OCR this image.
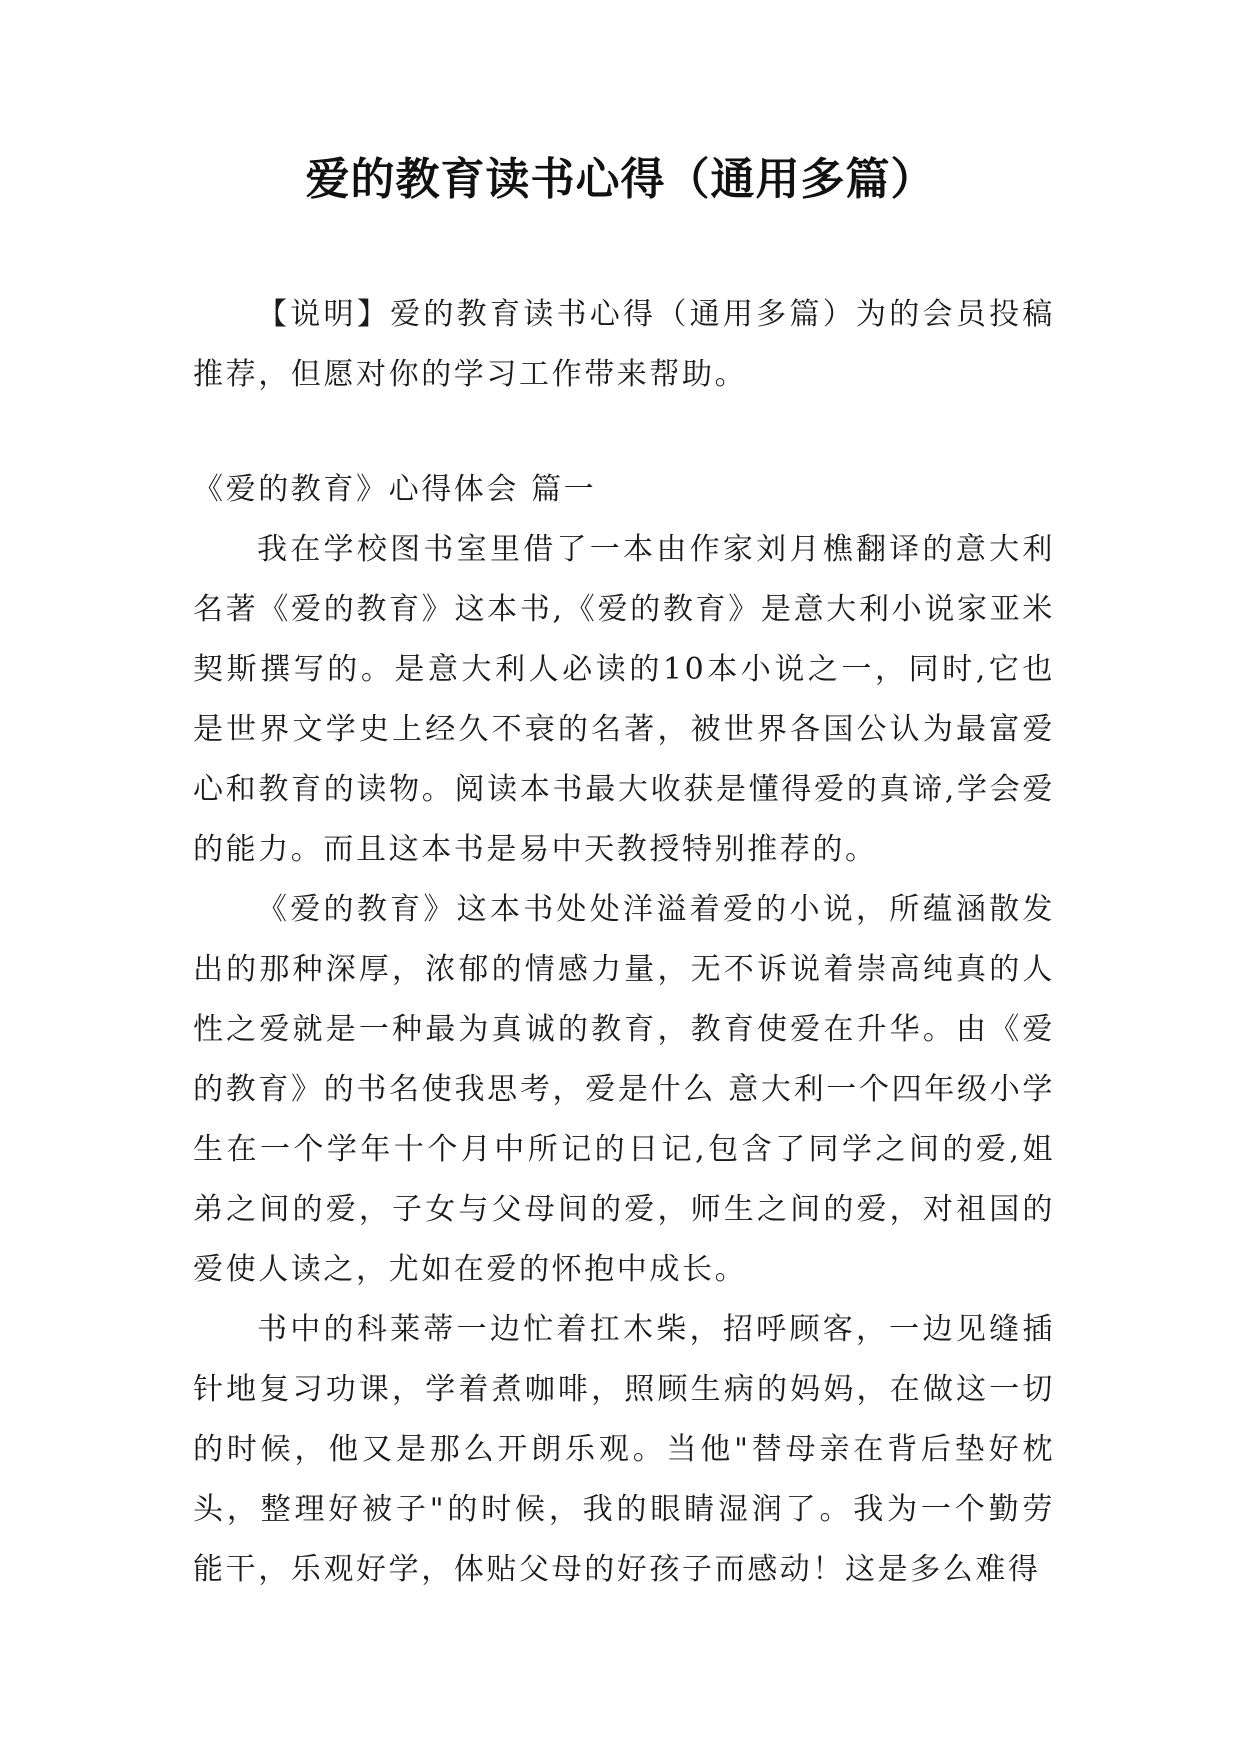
爱的教育读书心得（通用多篇）

【说明】爱的教育读书心得（通用多篇）为的会员投稿推荐，但愿对你的学习工作带来帮助。

《爱的教育》心得体会 篇一

我在学校图书室里借了一本由作家刘月樵翻译的意大利名著《爱的教育》这本书,《爱的教育》是意大利小说家亚米契斯撰写的。是意大利人必读的10本小说之一，同时,它也是世界文学史上经久不衰的名著，被世界各国公认为最富爱心和教育的读物。阅读本书最大收获是懂得爱的真谛,学会爱的能力。而且这本书是易中天教授特别推荐的。

《爱的教育》这本书处处洋溢着爱的小说，所蕴涵散发出的那种深厚，浓郁的情感力量，无不诉说着崇高纯真的人性之爱就是一种最为真诚的教育，教育使爱在升华。由《爱的教育》的书名使我思考，爱是什么 意大利一个四年级小学生在一个学年十个月中所记的日记,包含了同学之间的爱,姐弟之间的爱，子女与父母间的爱，师生之间的爱，对祖国的爱使人读之，尤如在爱的怀抱中成长。

书中的科莱蒂一边忙着扛木柴，招呼顾客，一边见缝插针地复习功课，学着煮咖啡，照顾生病的妈妈，在做这一切的时候，他又是那么开朗乐观。当他"替母亲在背后垫好枕头，整理好被子"的时候，我的眼睛湿润了。我为一个勤劳能干，乐观好学，体贴父母的好孩子而感动！这是多么难得
